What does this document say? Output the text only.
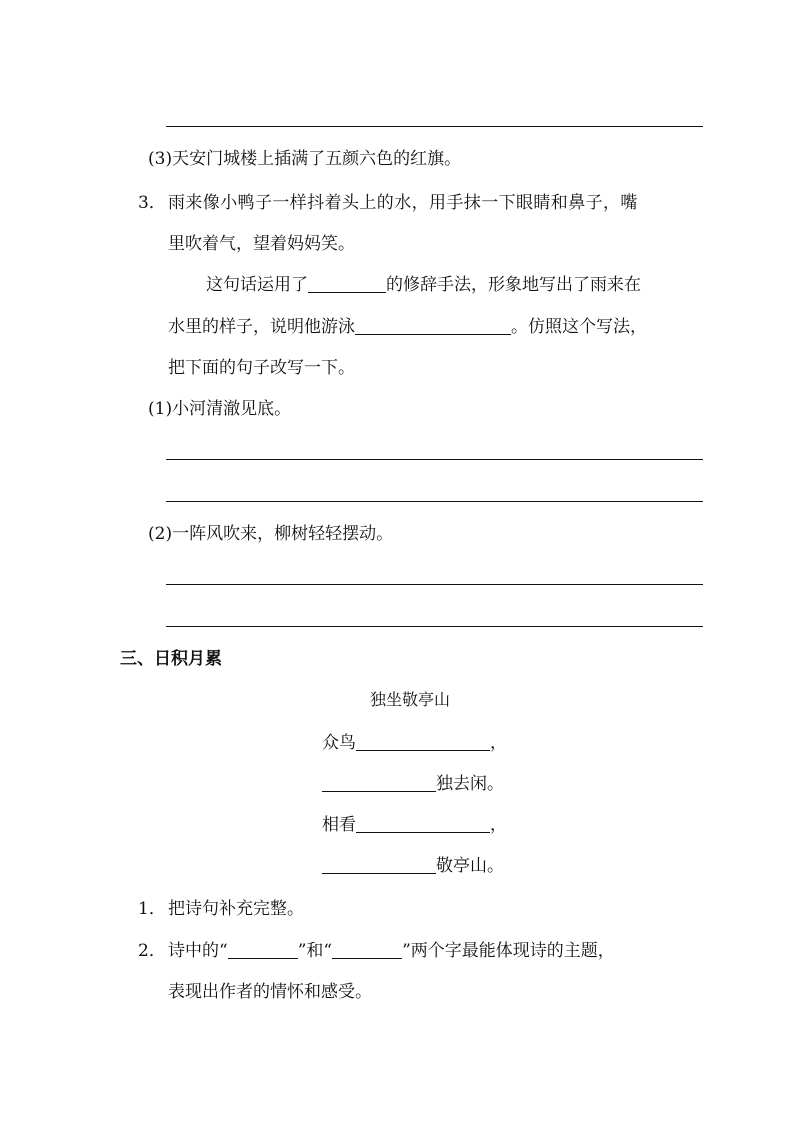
(3)天安门城楼上插满了五颜六色的红旗。
3． 雨来像小鸭子一样抖着头上的水，用手抹一下眼睛和鼻子，嘴
里吹着气，望着妈妈笑。
这句话运用了	的修辞手法，形象地写出了雨来在
水里的样子，说明他游泳	。仿照这个写法，
把下面的句子改写一下。
(1)小河清澈见底。
(2)一阵风吹来，柳树轻轻摆动。
三、日积月累
独坐敬亭山
众鸟	，
独去闲。
相看	，
敬亭山。
1． 把诗句补充完整。
2． 诗中的“	”和“	”两个字最能体现诗的主题，
表现出作者的情怀和感受。
